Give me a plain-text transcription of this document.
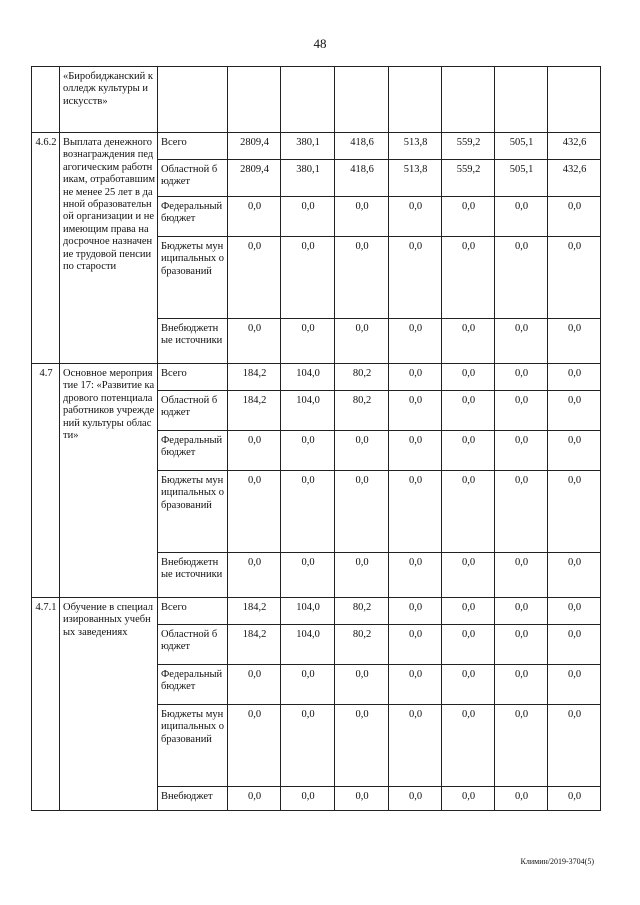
48
	«Биробиджанский колледж культуры и искусств»								
4.6.2	Выплата денежного вознаграждения педагогическим работникам, отработавшим не менее 25 лет в данной образовательной организации и не имеющим права на досрочное назначение трудовой пенсии по старости	Всего	2809,4	380,1	418,6	513,8	559,2	505,1	432,6
		Областной бюджет	2809,4	380,1	418,6	513,8	559,2	505,1	432,6
		Федеральный бюджет	0,0	0,0	0,0	0,0	0,0	0,0	0,0
		Бюджеты муниципальных образований	0,0	0,0	0,0	0,0	0,0	0,0	0,0
		Внебюджетные источники	0,0	0,0	0,0	0,0	0,0	0,0	0,0
4.7	Основное мероприятие 17: «Развитие кадрового потенциала работников учреждений культуры области»	Всего	184,2	104,0	80,2	0,0	0,0	0,0	0,0
		Областной бюджет	184,2	104,0	80,2	0,0	0,0	0,0	0,0
		Федеральный бюджет	0,0	0,0	0,0	0,0	0,0	0,0	0,0
		Бюджеты муниципальных образований	0,0	0,0	0,0	0,0	0,0	0,0	0,0
		Внебюджетные источники	0,0	0,0	0,0	0,0	0,0	0,0	0,0
4.7.1	Обучение в специализированных учебных заведениях	Всего	184,2	104,0	80,2	0,0	0,0	0,0	0,0
		Областной бюджет	184,2	104,0	80,2	0,0	0,0	0,0	0,0
		Федеральный бюджет	0,0	0,0	0,0	0,0	0,0	0,0	0,0
		Бюджеты муниципальных образований	0,0	0,0	0,0	0,0	0,0	0,0	0,0
		Внебюджет	0,0	0,0	0,0	0,0	0,0	0,0	0,0
Климин/2019-3704(5)
